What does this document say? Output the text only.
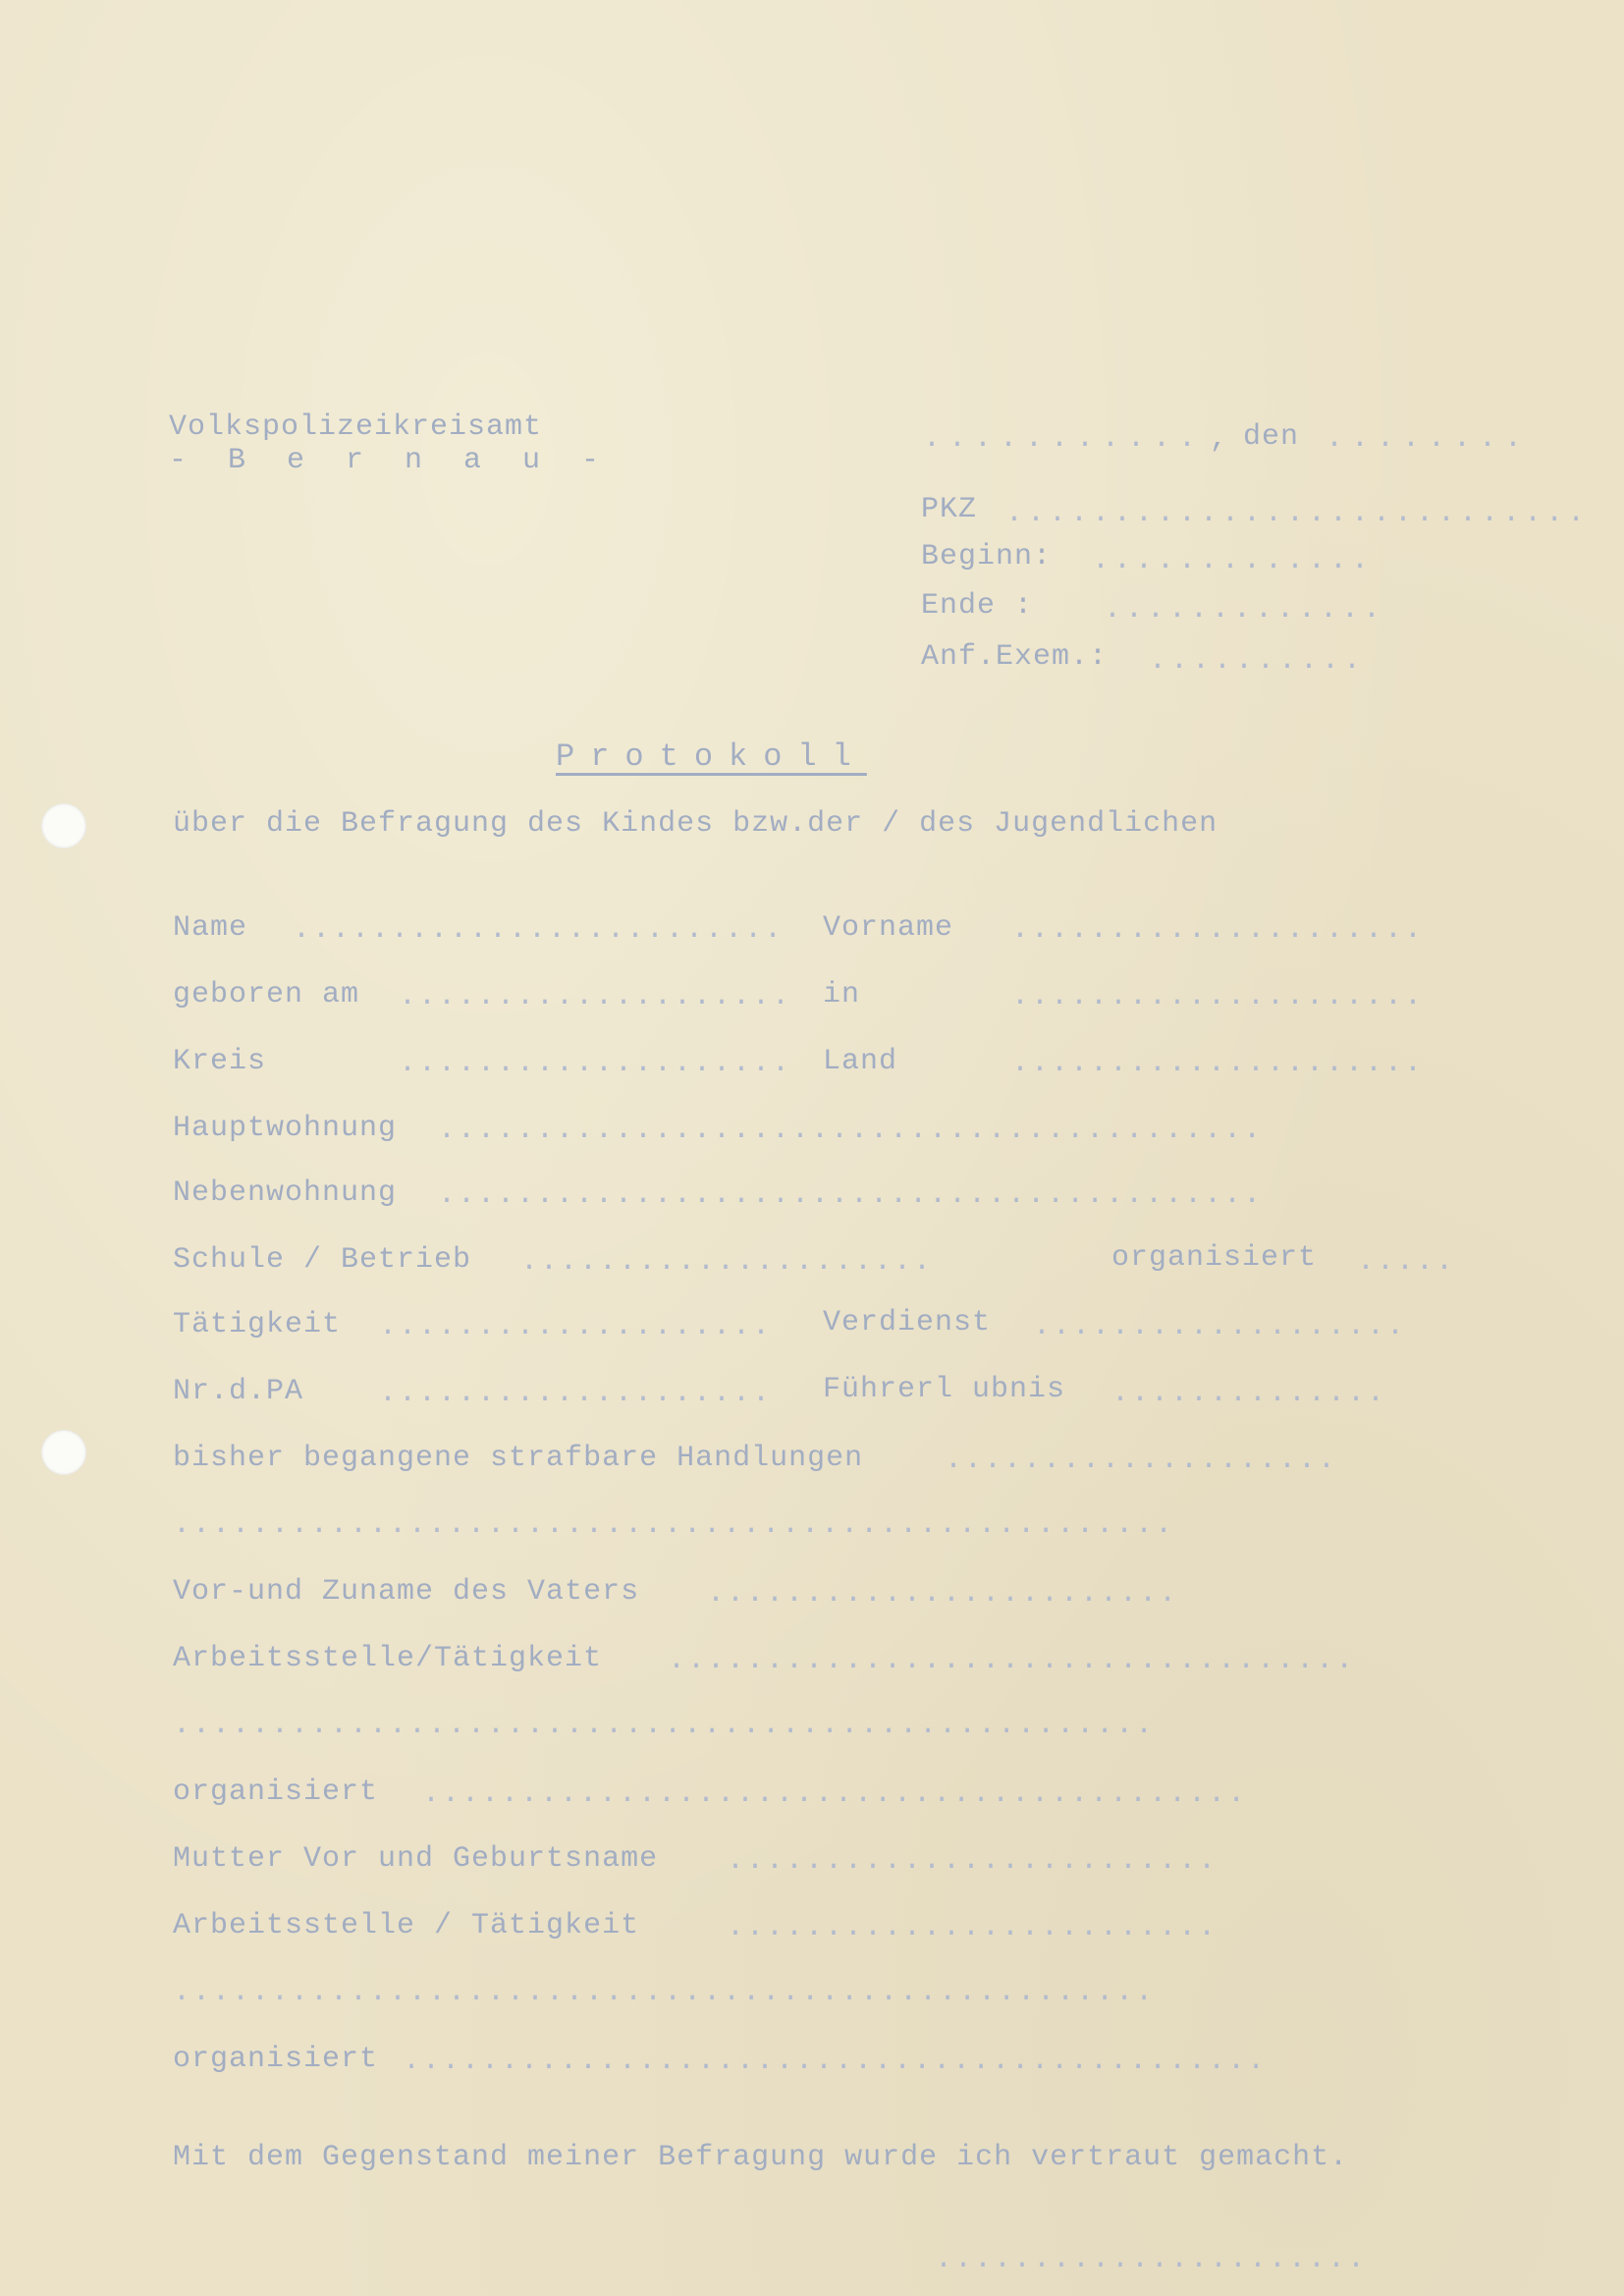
Volkspolizeikreisamt
- B e r n a u -
........... , den ........
PKZ ...........................
Beginn: .............
Ende : .............
Anf.Exem.: ..........
Protokoll
über die Befragung des Kindes bzw.der / des Jugendlichen
Name ......................... Vorname .....................
geboren am .................... in	.....................
Kreis	.................... Land	.....................
Hauptwohnung ..........................................
Nebenwohnung ..........................................
Schule / Betrieb .....................	organisiert .....
Tätigkeit .................... Verdienst ...................
Nr.d.PA	.................... Führerl ubnis ..............
bisher begangene strafbare Handlungen	....................
...................................................
Vor-und Zuname des Vaters ........................
Arbeitsstelle/Tätigkeit ...................................
..................................................
organisiert ..........................................
Mutter Vor und Geburtsname .........................
Arbeitsstelle / Tätigkeit	.........................
..................................................
organisiert ............................................
Mit dem Gegenstand meiner Befragung wurde ich vertraut gemacht.
......................
